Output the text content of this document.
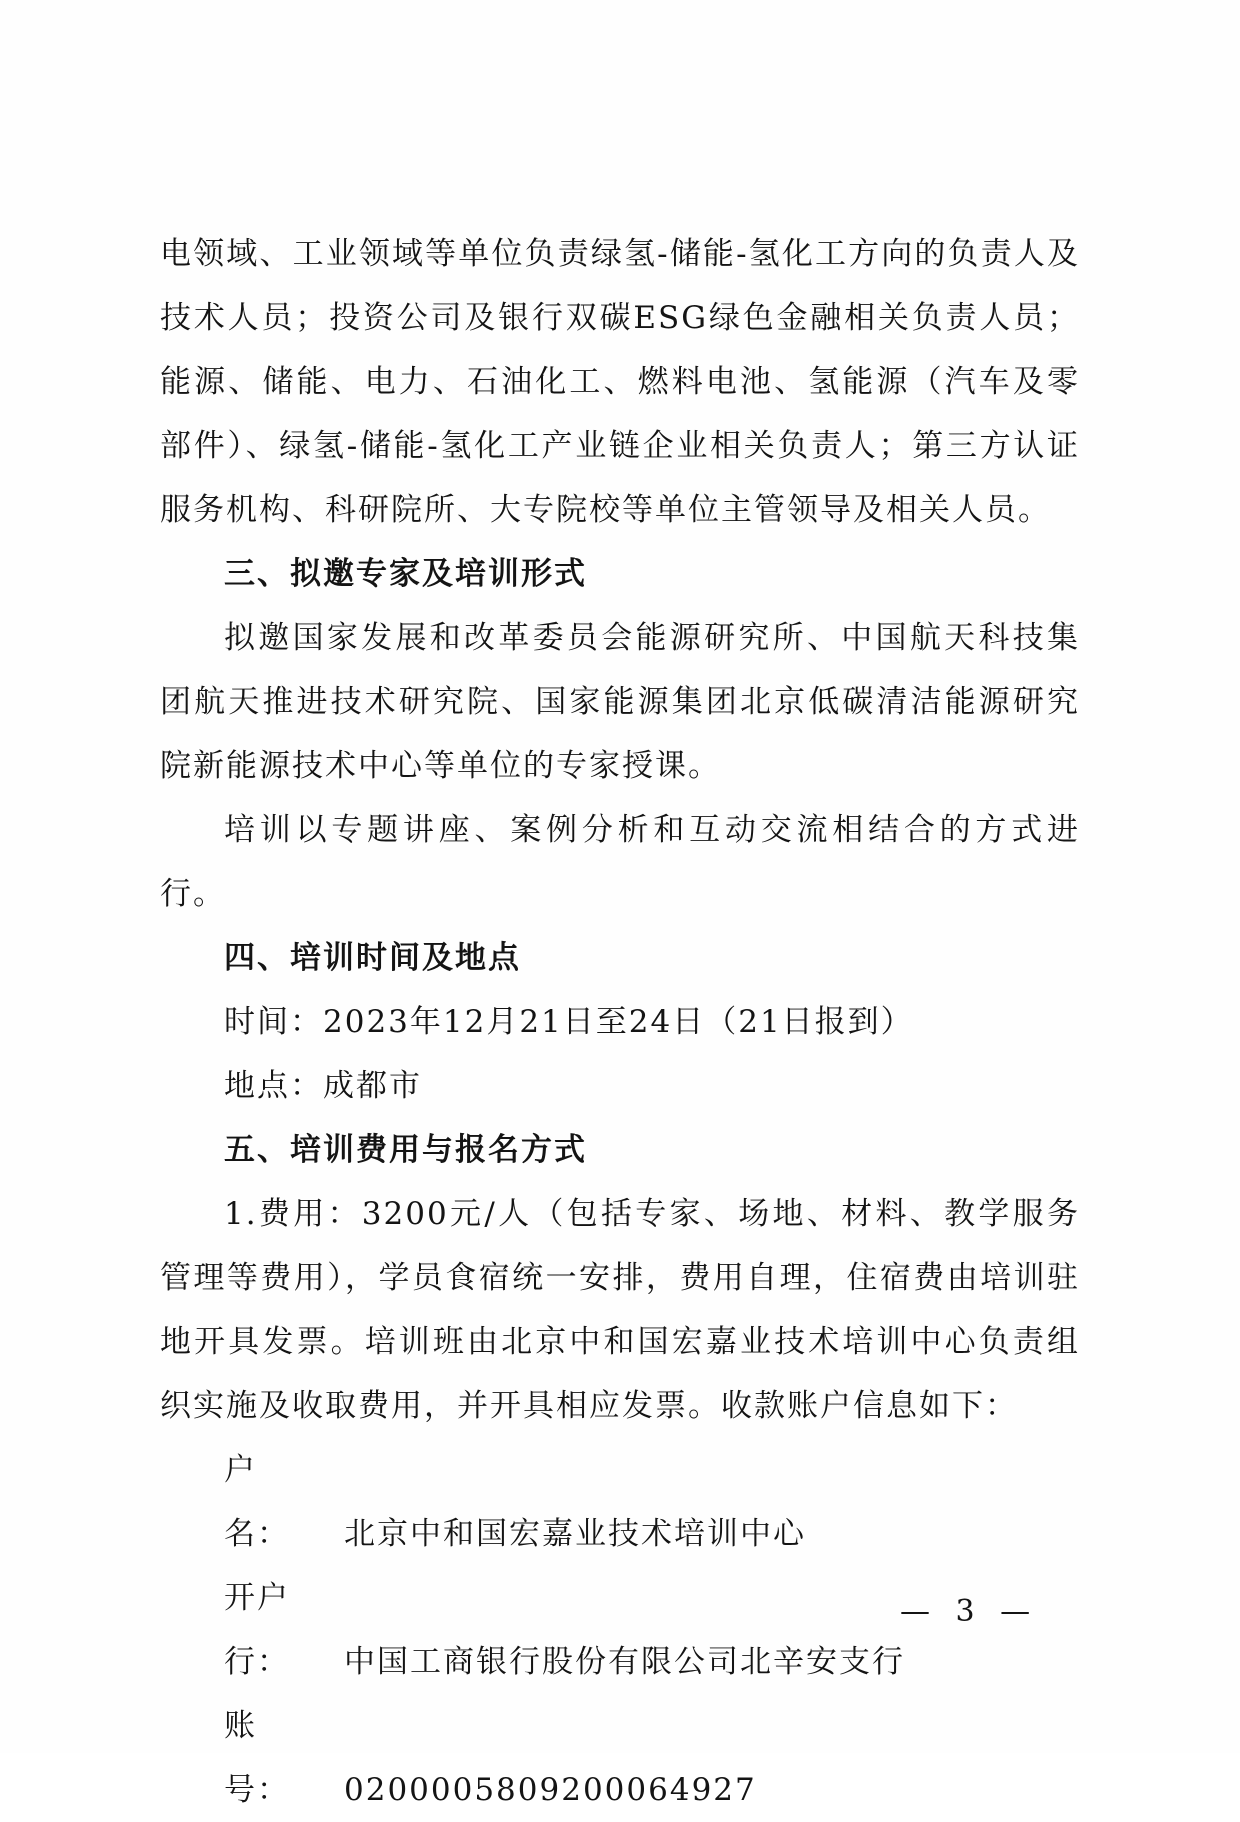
电领域、工业领域等单位负责绿氢-储能-氢化工方向的负责人及技术人员；投资公司及银行双碳ESG绿色金融相关负责人员；能源、储能、电力、石油化工、燃料电池、氢能源（汽车及零部件）、绿氢-储能-氢化工产业链企业相关负责人；第三方认证服务机构、科研院所、大专院校等单位主管领导及相关人员。

三、拟邀专家及培训形式

拟邀国家发展和改革委员会能源研究所、中国航天科技集团航天推进技术研究院、国家能源集团北京低碳清洁能源研究院新能源技术中心等单位的专家授课。

培训以专题讲座、案例分析和互动交流相结合的方式进行。

四、培训时间及地点

时间：2023年12月21日至24日（21日报到）

地点：成都市

五、培训费用与报名方式

1.费用：3200元/人（包括专家、场地、材料、教学服务管理等费用），学员食宿统一安排，费用自理，住宿费由培训驻地开具发票。培训班由北京中和国宏嘉业技术培训中心负责组织实施及收取费用，并开具相应发票。收款账户信息如下：

户　名： 北京中和国宏嘉业技术培训中心

开户行： 中国工商银行股份有限公司北辛安支行

账　号： 0200005809200064927

— 3 —
